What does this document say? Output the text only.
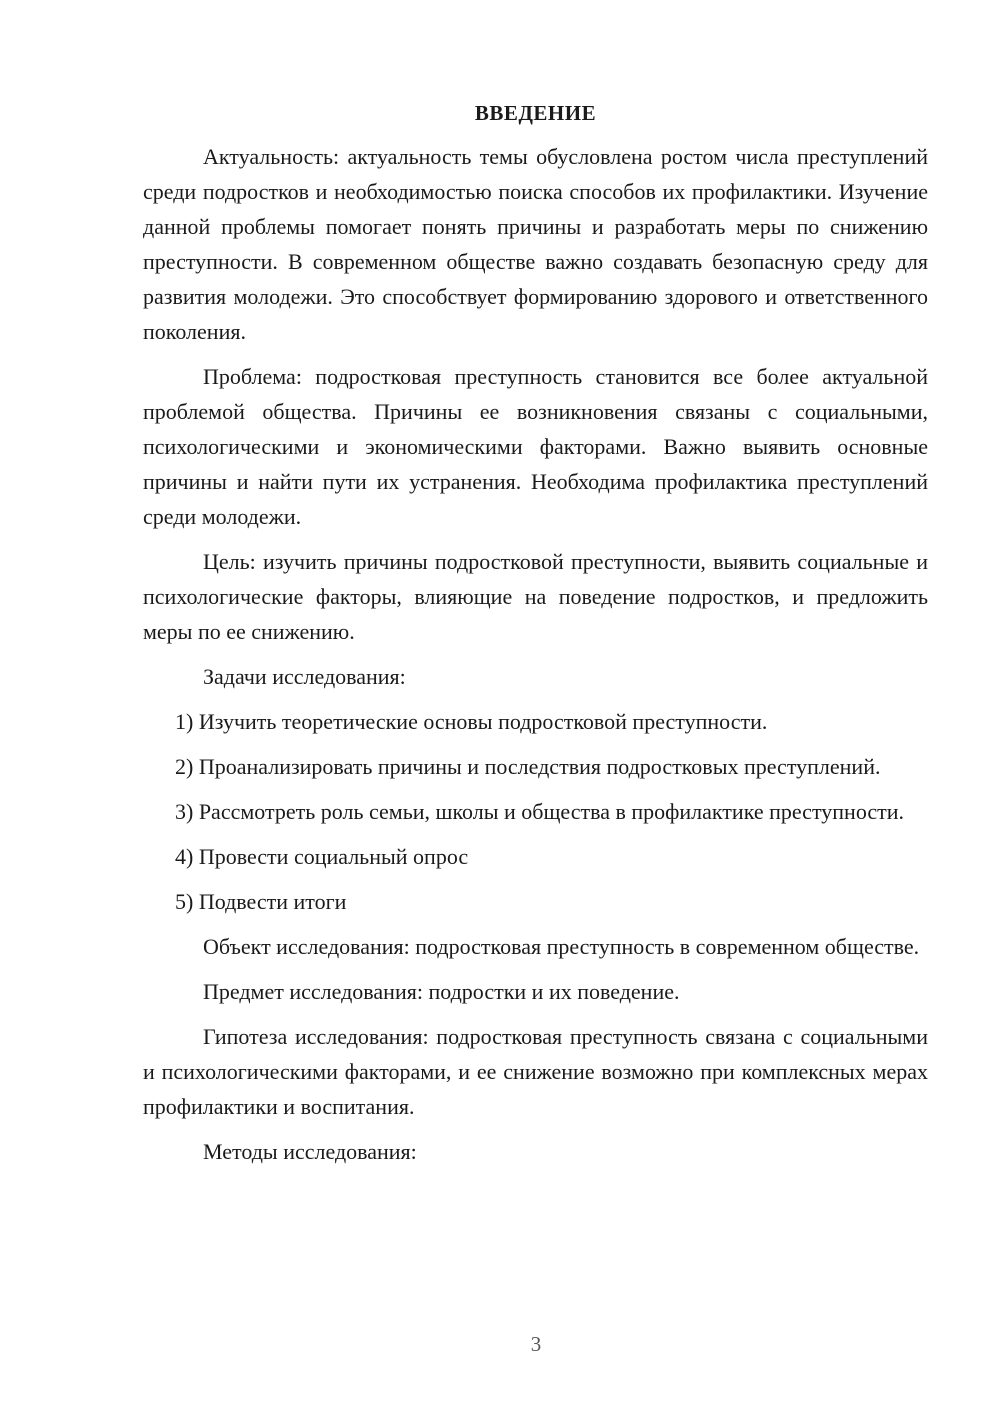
ВВЕДЕНИЕ
Актуальность: актуальность темы обусловлена ростом числа преступлений среди подростков и необходимостью поиска способов их профилактики. Изучение данной проблемы помогает понять причины и разработать меры по снижению преступности. В современном обществе важно создавать безопасную среду для развития молодежи. Это способствует формированию здорового и ответственного поколения.
Проблема: подростковая преступность становится все более актуальной проблемой общества. Причины ее возникновения связаны с социальными, психологическими и экономическими факторами. Важно выявить основные причины и найти пути их устранения. Необходима профилактика преступлений среди молодежи.
Цель: изучить причины подростковой преступности, выявить социальные и психологические факторы, влияющие на поведение подростков, и предложить меры по ее снижению.
Задачи исследования:
1) Изучить теоретические основы подростковой преступности.
2) Проанализировать причины и последствия подростковых преступлений.
3) Рассмотреть роль семьи, школы и общества в профилактике преступности.
4) Провести социальный опрос
5) Подвести итоги
Объект исследования: подростковая преступность в современном обществе.
Предмет исследования: подростки и их поведение.
Гипотеза исследования: подростковая преступность связана с социальными и психологическими факторами, и ее снижение возможно при комплексных мерах профилактики и воспитания.
Методы исследования:
3
